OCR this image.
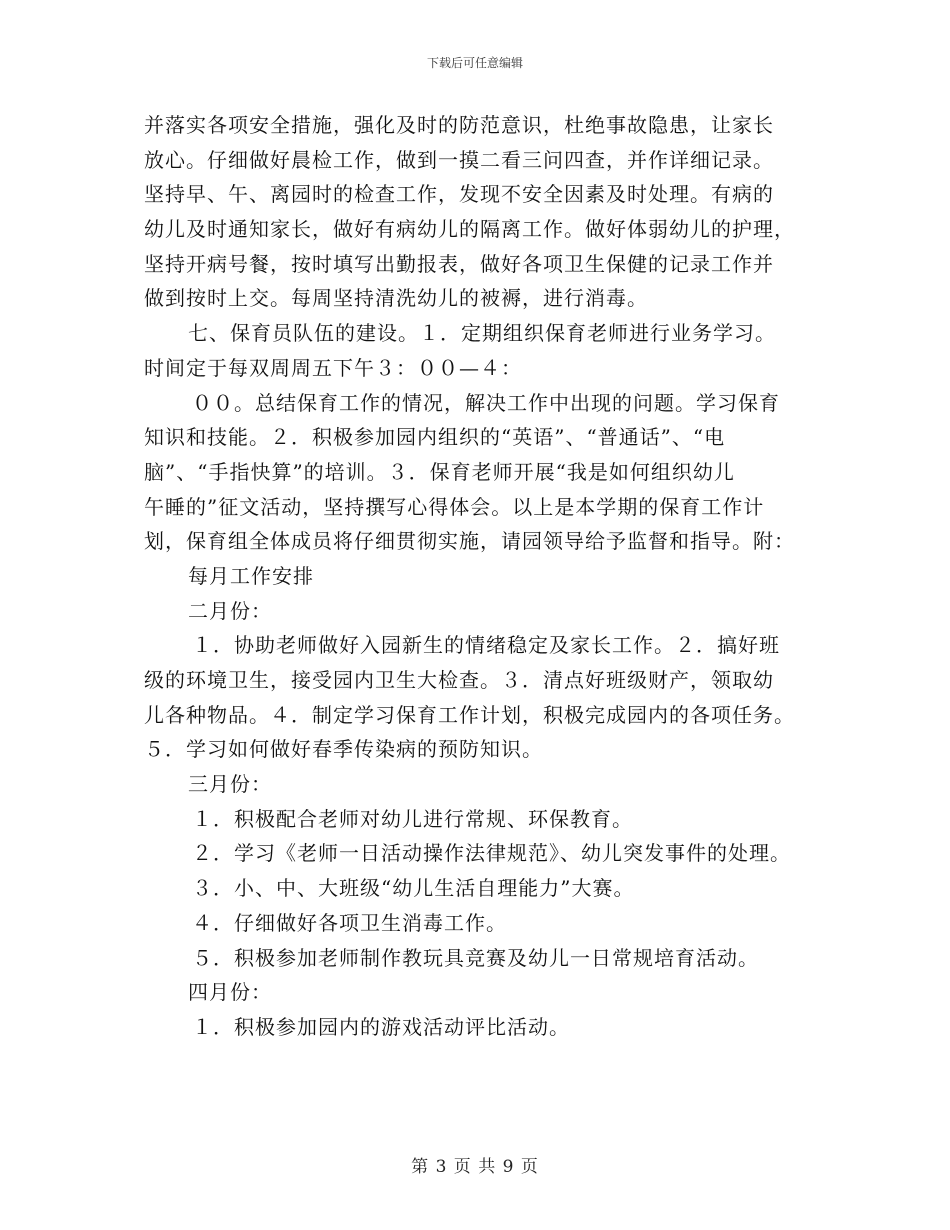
下载后可任意编辑
并落实各项安全措施，强化及时的防范意识，杜绝事故隐患，让家长
放心。仔细做好晨检工作，做到一摸二看三问四查，并作详细记录。
坚持早、午、离园时的检查工作，发现不安全因素及时处理。有病的
幼儿及时通知家长，做好有病幼儿的隔离工作。做好体弱幼儿的护理，
坚持开病号餐，按时填写出勤报表，做好各项卫生保健的记录工作并
做到按时上交。每周坚持清洗幼儿的被褥，进行消毒。
七、保育员队伍的建设。１．定期组织保育老师进行业务学习。
时间定于每双周周五下午３：００—４：
００。总结保育工作的情况，解决工作中出现的问题。学习保育
知识和技能。２．积极参加园内组织的“英语”、“普通话”、“电
脑”、“手指快算”的培训。３．保育老师开展“我是如何组织幼儿
午睡的”征文活动，坚持撰写心得体会。以上是本学期的保育工作计
划，保育组全体成员将仔细贯彻实施，请园领导给予监督和指导。附：
每月工作安排
二月份：
１．协助老师做好入园新生的情绪稳定及家长工作。２．搞好班
级的环境卫生，接受园内卫生大检查。３．清点好班级财产，领取幼
儿各种物品。４．制定学习保育工作计划，积极完成园内的各项任务。
５．学习如何做好春季传染病的预防知识。
三月份：
１．积极配合老师对幼儿进行常规、环保教育。
２．学习《老师一日活动操作法律规范》、幼儿突发事件的处理。
３．小、中、大班级“幼儿生活自理能力”大赛。
４．仔细做好各项卫生消毒工作。
５．积极参加老师制作教玩具竞赛及幼儿一日常规培育活动。
四月份：
１．积极参加园内的游戏活动评比活动。
第 3 页 共 9 页
